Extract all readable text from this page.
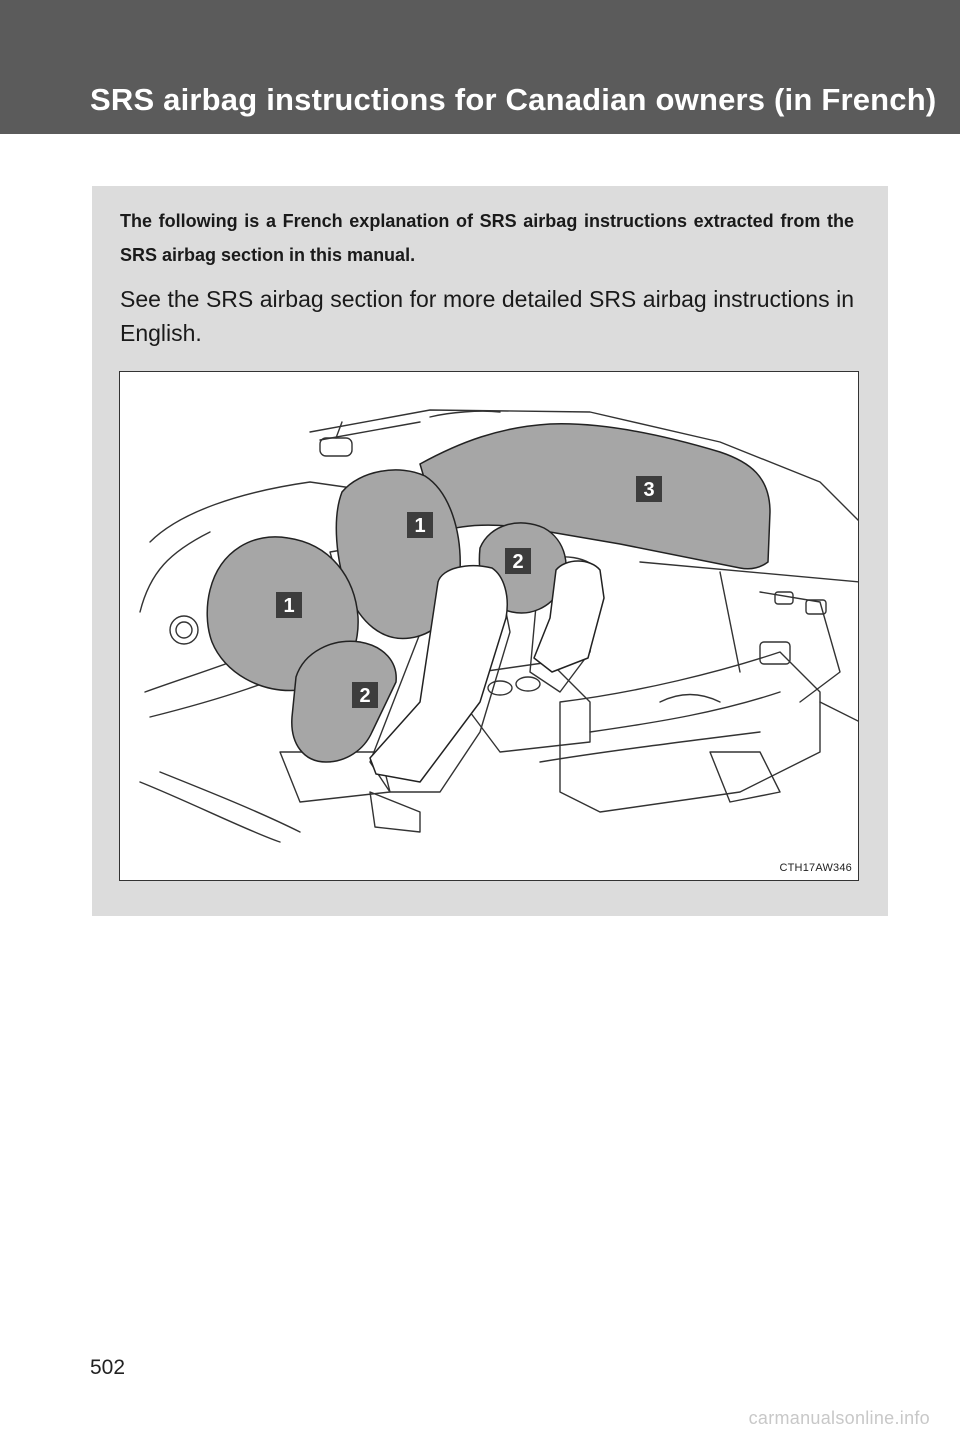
SRS airbag instructions for Canadian owners (in French)

The following is a French explanation of SRS airbag instructions extracted from the SRS airbag section in this manual.

See the SRS airbag section for more detailed SRS airbag instructions in English.

1
1
2
2
3
CTH17AW346

502

carmanualsonline.info
